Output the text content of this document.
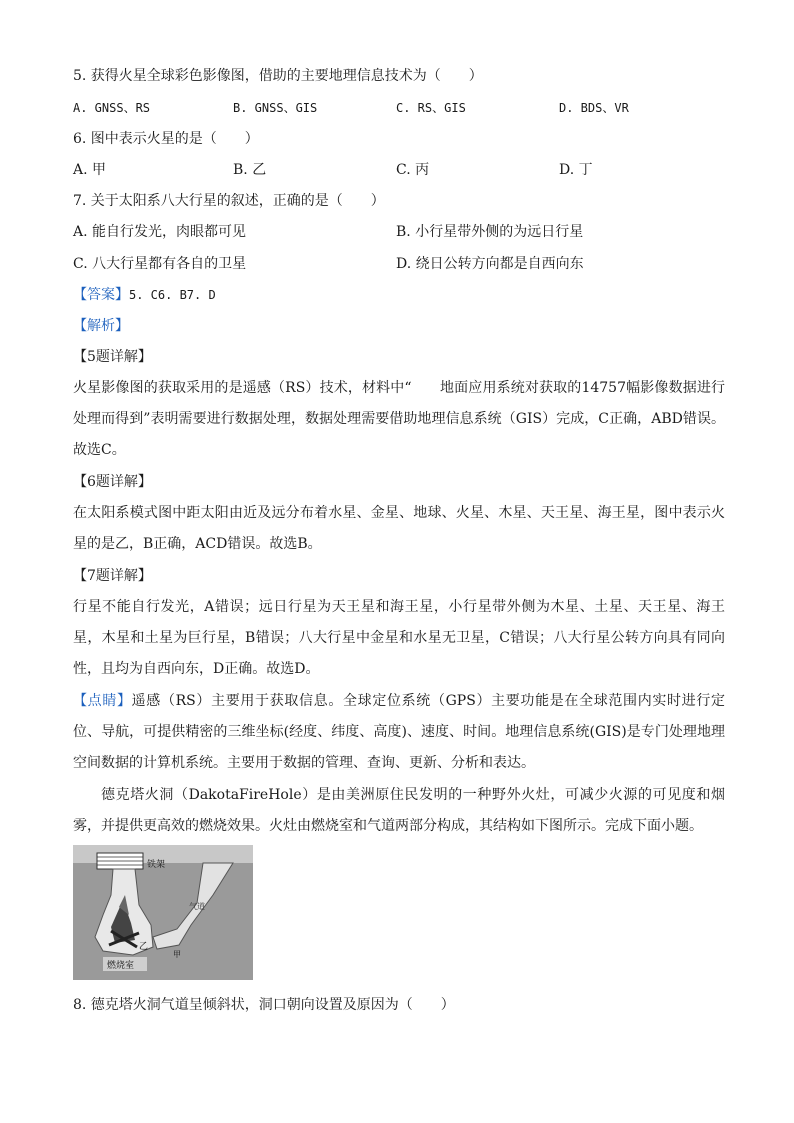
5. 获得火星全球彩色影像图，借助的主要地理信息技术为（　　）
A. GNSS、RS	B. GNSS、GIS	C. RS、GIS	D. BDS、VR
6. 图中表示火星的是（　　）
A. 甲	B. 乙	C. 丙	D. 丁
7. 关于太阳系八大行星的叙述，正确的是（　　）
A. 能自行发光，肉眼都可见	B. 小行星带外侧的为远日行星
C. 八大行星都有各自的卫星	D. 绕日公转方向都是自西向东
【答案】5. C6. B7. D
【解析】
【5题详解】
火星影像图的获取采用的是遥感（RS）技术，材料中“　　地面应用系统对获取的14757幅影像数据进行处理而得到”表明需要进行数据处理，数据处理需要借助地理信息系统（GIS）完成，C正确，ABD错误。故选C。
【6题详解】
在太阳系模式图中距太阳由近及远分布着水星、金星、地球、火星、木星、天王星、海王星，图中表示火星的是乙，B正确，ACD错误。故选B。
【7题详解】
行星不能自行发光，A错误；远日行星为天王星和海王星，小行星带外侧为木星、土星、天王星、海王星，木星和土星为巨行星，B错误；八大行星中金星和水星无卫星，C错误；八大行星公转方向具有同向性，且均为自西向东，D正确。故选D。
【点睛】遥感（RS）主要用于获取信息。全球定位系统（GPS）主要功能是在全球范围内实时进行定位、导航，可提供精密的三维坐标(经度、纬度、高度)、速度、时间。地理信息系统(GIS)是专门处理地理空间数据的计算机系统。主要用于数据的管理、查询、更新、分析和表达。
德克塔火洞（DakotaFireHole）是由美洲原住民发明的一种野外火灶，可减少火源的可见度和烟雾，并提供更高效的燃烧效果。火灶由燃烧室和气道两部分构成，其结构如下图所示。完成下面小题。
铁架
气道
乙
甲
燃烧室
8. 德克塔火洞气道呈倾斜状，洞口朝向设置及原因为（　　）
